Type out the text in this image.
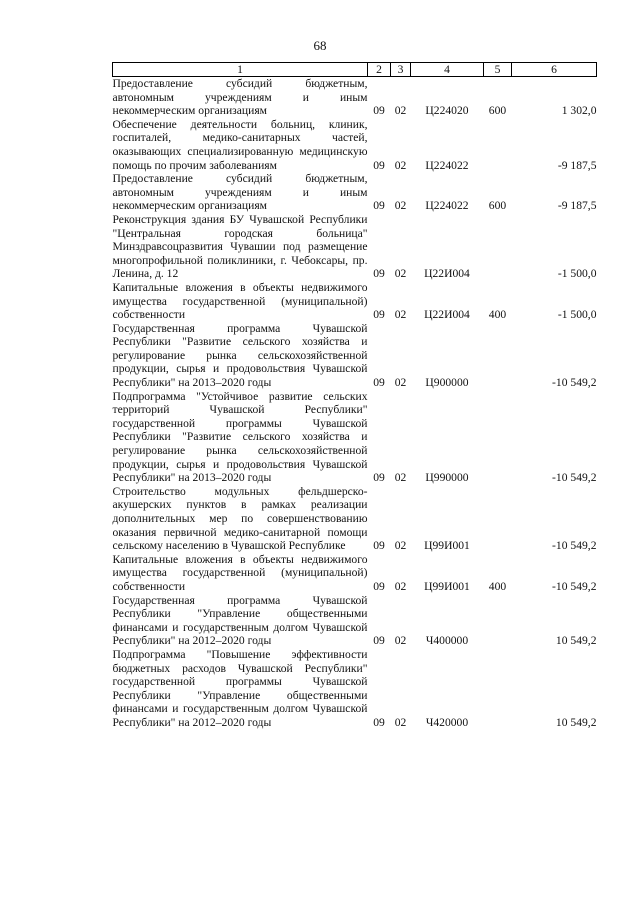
68
1	2	3	4	5	6
Предоставление субсидий бюджетным, автономным учреждениям и иным некоммерческим организациям	09	02	Ц224020	600	1 302,0
Обеспечение деятельности больниц, клиник, госпиталей, медико-санитарных частей, оказывающих специализированную медицинскую помощь по прочим заболеваниям	09	02	Ц224022		-9 187,5
Предоставление субсидий бюджетным, автономным учреждениям и иным некоммерческим организациям	09	02	Ц224022	600	-9 187,5
Реконструкция здания БУ Чувашской Республики "Центральная городская больница" Минздравсоцразвития Чувашии под размещение многопрофильной поликлиники, г. Чебоксары, пр. Ленина, д. 12	09	02	Ц22И004		-1 500,0
Капитальные вложения в объекты недвижимого имущества государственной (муниципальной) собственности	09	02	Ц22И004	400	-1 500,0
Государственная программа Чувашской Республики "Развитие сельского хозяйства и регулирование рынка сельскохозяйственной продукции, сырья и продовольствия Чувашской Республики" на 2013–2020 годы	09	02	Ц900000		-10 549,2
Подпрограмма "Устойчивое развитие сельских территорий Чувашской Республики" государственной программы Чувашской Республики "Развитие сельского хозяйства и регулирование рынка сельскохозяйственной продукции, сырья и продовольствия Чувашской Республики" на 2013–2020 годы	09	02	Ц990000		-10 549,2
Строительство модульных фельдшерско-акушерских пунктов в рамках реализации дополнительных мер по совершенствованию оказания первичной медико-санитарной помощи сельскому населению в Чувашской Республике	09	02	Ц99И001		-10 549,2
Капитальные вложения в объекты недвижимого имущества государственной (муниципальной) собственности	09	02	Ц99И001	400	-10 549,2
Государственная программа Чувашской Республики "Управление общественными финансами и государственным долгом Чувашской Республики" на 2012–2020 годы	09	02	Ч400000		10 549,2
Подпрограмма "Повышение эффективности бюджетных расходов Чувашской Республики" государственной программы Чувашской Республики "Управление общественными финансами и государственным долгом Чувашской Республики" на 2012–2020 годы	09	02	Ч420000		10 549,2
